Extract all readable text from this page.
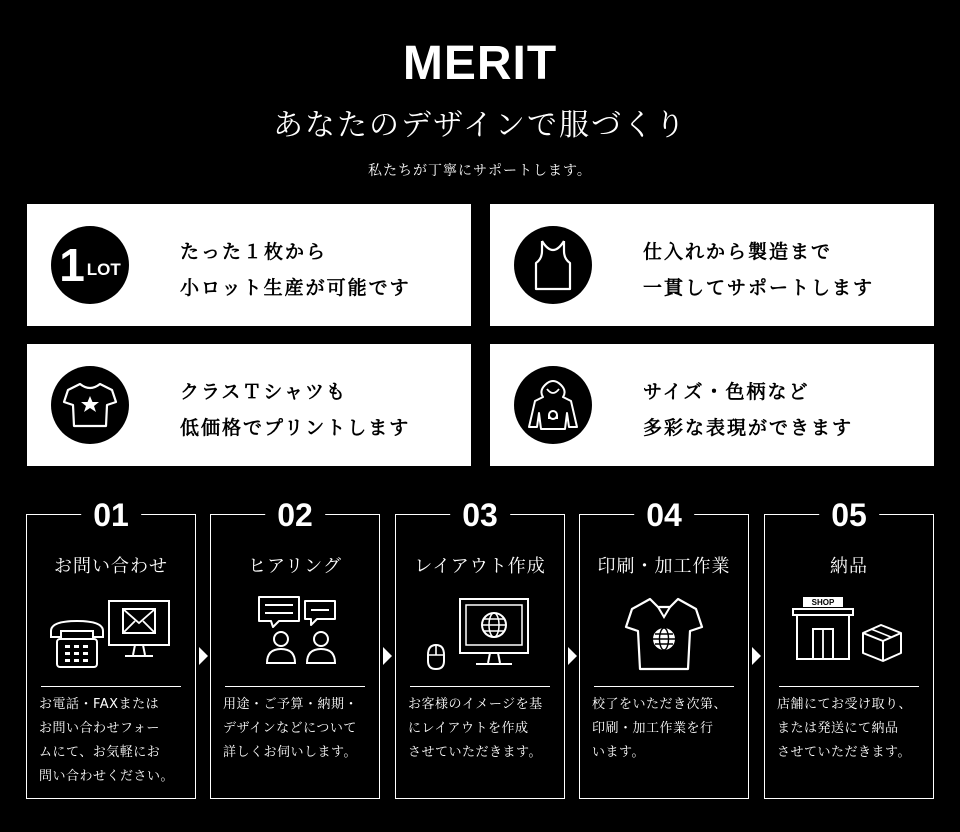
MERIT
あなたのデザインで服づくり
私たちが丁寧にサポートします。
1 LOT
たった１枚から
小ロット生産が可能です
仕入れから製造まで
一貫してサポートします
クラスＴシャツも
低価格でプリントします
サイズ・色柄など
多彩な表現ができます
01
お問い合わせ
お電話・FAXまたは
お問い合わせフォー
ムにて、お気軽にお
問い合わせください。
02
ヒアリング
用途・ご予算・納期・
デザインなどについて
詳しくお伺いします。
03
レイアウト作成
お客様のイメージを基
にレイアウトを作成
させていただきます。
04
印刷・加工作業
校了をいただき次第、
印刷・加工作業を行
います。
05
納品
SHOP
店舗にてお受け取り、
または発送にて納品
させていただきます。
